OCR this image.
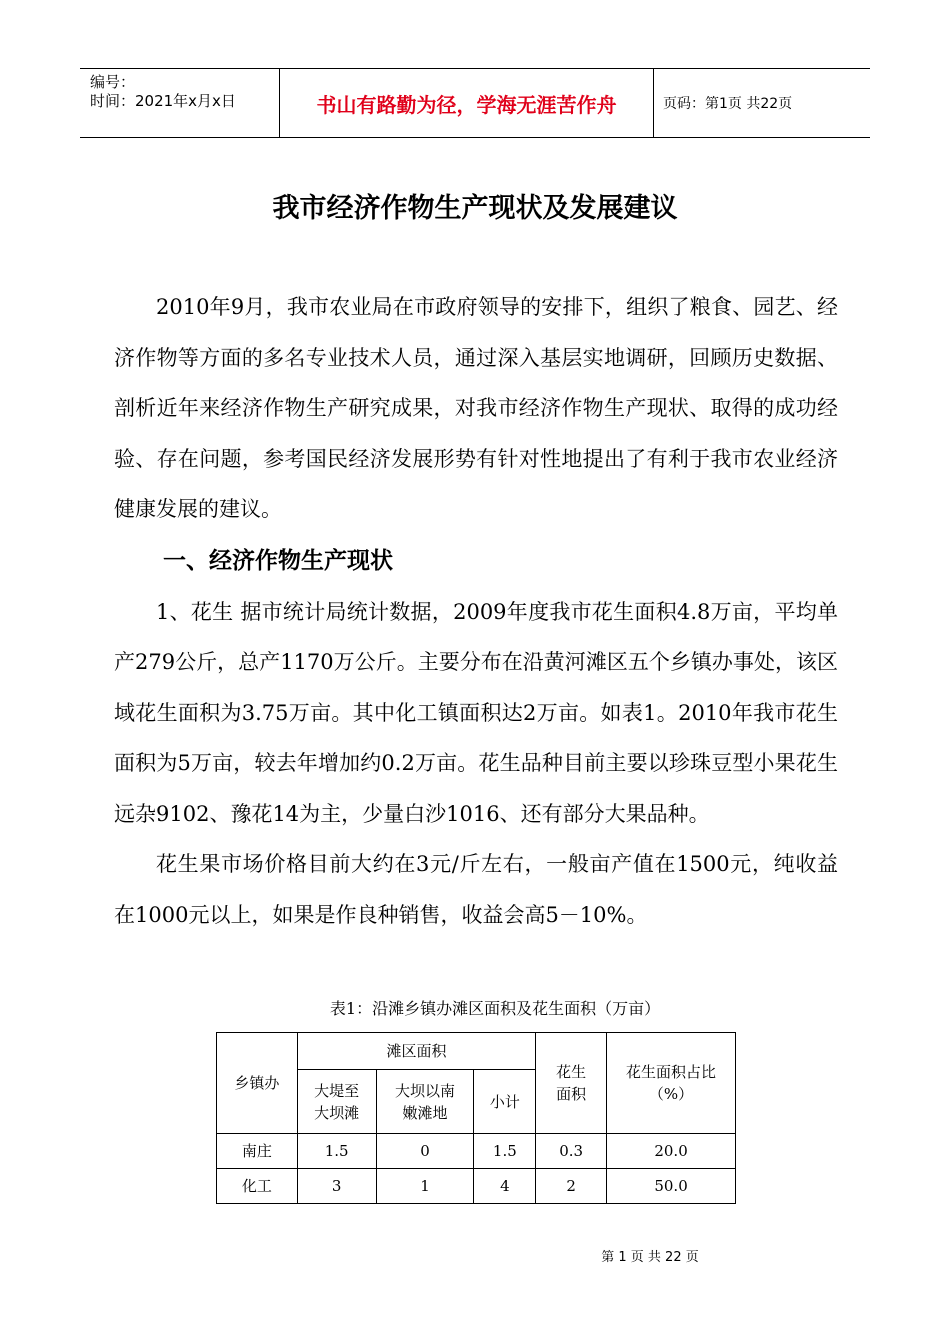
编号：
时间：2021年x月x日	书山有路勤为径，学海无涯苦作舟	页码：第1页 共22页
我市经济作物生产现状及发展建议

2010年9月，我市农业局在市政府领导的安排下，组织了粮食、园艺、经济作物等方面的多名专业技术人员，通过深入基层实地调研，回顾历史数据、剖析近年来经济作物生产研究成果，对我市经济作物生产现状、取得的成功经验、存在问题，参考国民经济发展形势有针对性地提出了有利于我市农业经济健康发展的建议。

一、经济作物生产现状

1、花生 据市统计局统计数据，2009年度我市花生面积4.8万亩，平均单产279公斤，总产1170万公斤。主要分布在沿黄河滩区五个乡镇办事处，该区域花生面积为3.75万亩。其中化工镇面积达2万亩。如表1。2010年我市花生面积为5万亩，较去年增加约0.2万亩。花生品种目前主要以珍珠豆型小果花生远杂9102、豫花14为主，少量白沙1016、还有部分大果品种。

花生果市场价格目前大约在3元/斤左右，一般亩产值在1500元，纯收益在1000元以上，如果是作良种销售，收益会高5－10%。

表1：沿滩乡镇办滩区面积及花生面积（万亩）
乡镇办	滩区面积			花生面积	花生面积占比（%）

	大堤至大坝滩	大坝以南嫩滩地	小计		
南庄	1.5	0	1.5	0.3	20.0
化工	3	1	4	2	50.0
第 1 页 共 22 页
